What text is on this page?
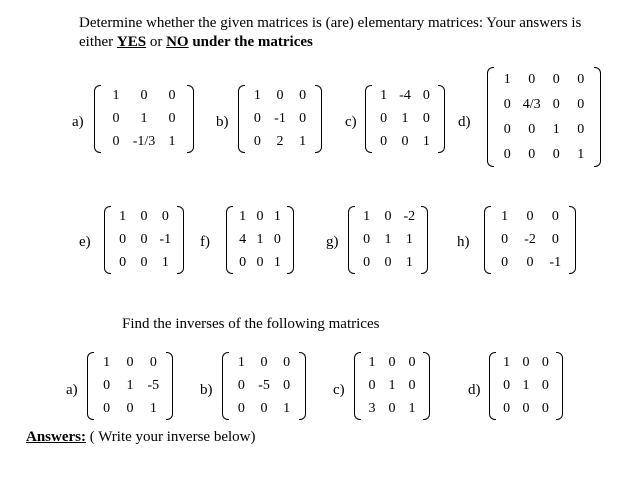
Determine whether the given matrices is (are) elementary matrices: Your answers is
either YES or NO under the matrices
a)	b)	c)	d)
e)	f)	g)	h)
1 0 0
0 1 0
0 -1/3 1
1 0 0
0 -1 0
0 2 1
1 -4 0
0 1 0
0 0 1
1 0 0 0
0 4/3 0 0
0 0 1 0
0 0 0 1
1 0 0
0 0 -1
0 0 1
1 0 1
4 1 0
0 0 1
1 0 -2
0 1 1
0 0 1
1 0 0
0 -2 0
0 0 -1
Find the inverses of the following matrices
a)	b)	c)	d)
1 0 0
0 1 -5
0 0 1
1 0 0
0 -5 0
0 0 1
1 0 0
0 1 0
3 0 1
1 0 0
0 1 0
0 0 0
Answers: ( Write your inverse below)
